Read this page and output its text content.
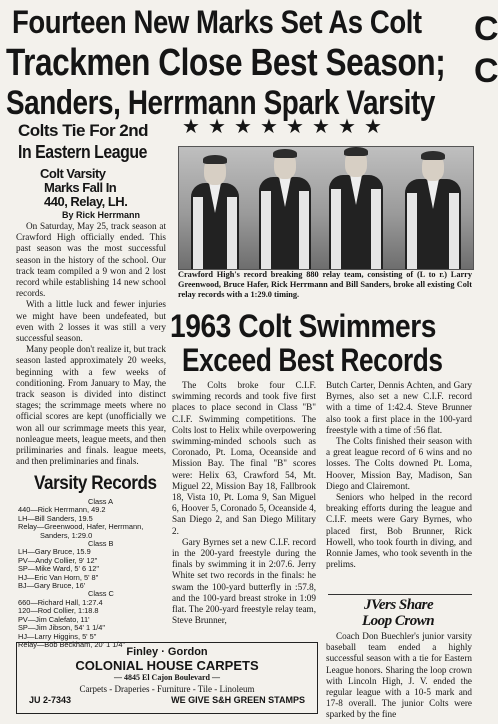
Fourteen New Marks Set As Colt
Trackmen Close Best Season;
Sanders, Herrmann Spark Varsity
C
C
Colts Tie For 2nd
In Eastern League
Colt Varsity
Marks Fall In
440, Relay, LH.
By Rick Herrmann

On Saturday, May 25, track season at Crawford High officially ended. This past season was the most successful season in the history of the school. Our track team compiled a 9 won and 2 lost record while establishing 14 new school records.

With a little luck and fewer injuries we might have been undefeated, but even with 2 losses it was still a very successful season.

Many people don't realize it, but track season lasted approximately 20 weeks, beginning with a few weeks of conditioning. From January to May, the track season is divided into distinct stages; the scrimmage meets where no official scores are kept (unofficially we won all our scrimmage meets this year, nonleague meets, league meets, and then priliminaries and finals. league meets, and then preliminaries and finals.

Varsity Records
Class A
440—Rick Herrmann, 49.2
LH—Bill Sanders, 19.5
Relay—Greenwood, Hafer, Herrmann,
Sanders, 1:29.0
Class B
LH—Gary Bruce, 15.9
PV—Andy Collier, 9' 12"
SP—Mike Ward, 5' 6 12"
HJ—Eric Van Horn, 5' 8"
BJ—Gary Bruce, 16'
Class C
660—Richard Hall, 1:27.4
120—Rod Collier, 1:18.8
PV—Jim Calefato, 11'
SP—Jim Jibson, 54' 1 1/4"
HJ—Larry Higgins, 5' 5"
Relay—Bob Beckham, 20' 1 1/4"
★ ★ ★ ★ ★ ★ ★ ★
Crawford High's record breaking 880 relay team, consisting of (L to r.) Larry Greenwood, Bruce Hafer, Rick Herrmann and Bill Sanders, broke all existing Colt relay records with a 1:29.0 timing.
1963 Colt Swimmers
Exceed Best Records

The Colts broke four C.I.F. swimming records and took five first places to place second in Class "B" C.I.F. Swimming competitions. The Colts lost to Helix while overpowering swimming-minded schools such as Coronado, Pt. Loma, Oceanside and Mission Bay. The final "B" scores were: Helix 63, Crawford 54, Mt. Miguel 22, Mission Bay 18, Fallbrook 18, Vista 10, Pt. Loma 9, San Miguel 6, Hoover 5, Coronado 5, Oceanside 4, San Diego 2, and San Diego Military 2.

Gary Byrnes set a new C.I.F. record in the 200-yard freestyle during the finals by swimming it in 2:07.6. Jerry White set two records in the finals: he swam the 100-yard butterfly in :57.8, and the 100-yard breast stroke in 1:09 flat. The 200-yard freestyle relay team, Steve Brunner,

Butch Carter, Dennis Achten, and Gary Byrnes, also set a new C.I.F. record with a time of 1:42.4. Steve Brunner also took a first place in the 100-yard freestyle with a time of :56 flat.

The Colts finished their season with a great league record of 6 wins and no losses. The Colts downed Pt. Loma, Hoover, Mission Bay, Madison, San Diego and Clairemont.

Seniors who helped in the record breaking efforts during the league and C.I.F. meets were Gary Byrnes, who placed first, Bob Brunner, Rick Howell, who took fourth in diving, and Ronnie James, who took seventh in the prelims.

JVers Share
Loop Crown

Coach Don Buechler's junior varsity baseball team ended a highly successful season with a tie for Eastern League honors. Sharing the loop crown with Lincoln High, J. V. ended the regular league with a 10-5 mark and 17-8 overall. The junior Colts were sparked by the fine

Finley · Gordon
COLONIAL HOUSE CARPETS
— 4845 El Cajon Boulevard —
Carpets - Draperies - Furniture - Tile - Linoleum
JU 2-7343	WE GIVE S&H GREEN STAMPS
